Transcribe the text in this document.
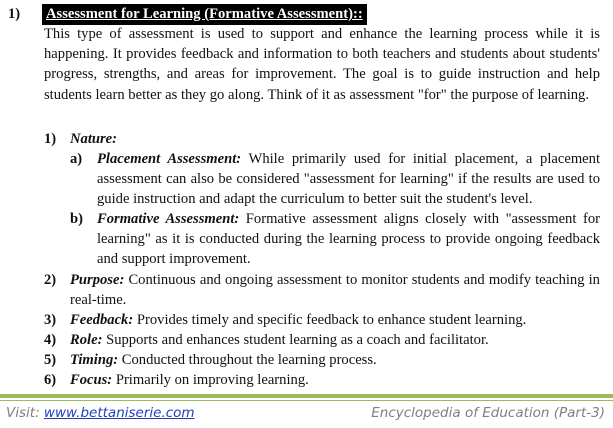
1) Assessment for Learning (Formative Assessment)::

This type of assessment is used to support and enhance the learning process while it is happening. It provides feedback and information to both teachers and students about students' progress, strengths, and areas for improvement. The goal is to guide instruction and help students learn better as they go along. Think of it as assessment "for" the purpose of learning.

1) Nature:
a) Placement Assessment: While primarily used for initial placement, a placement assessment can also be considered "assessment for learning" if the results are used to guide instruction and adapt the curriculum to better suit the student's level.
b) Formative Assessment: Formative assessment aligns closely with "assessment for learning" as it is conducted during the learning process to provide ongoing feedback and support improvement.
2) Purpose: Continuous and ongoing assessment to monitor students and modify teaching in real-time.
3) Feedback: Provides timely and specific feedback to enhance student learning.
4) Role: Supports and enhances student learning as a coach and facilitator.
5) Timing: Conducted throughout the learning process.
6) Focus: Primarily on improving learning.
Visit: www.bettaniserie.com	Encyclopedia of Education (Part-3)
